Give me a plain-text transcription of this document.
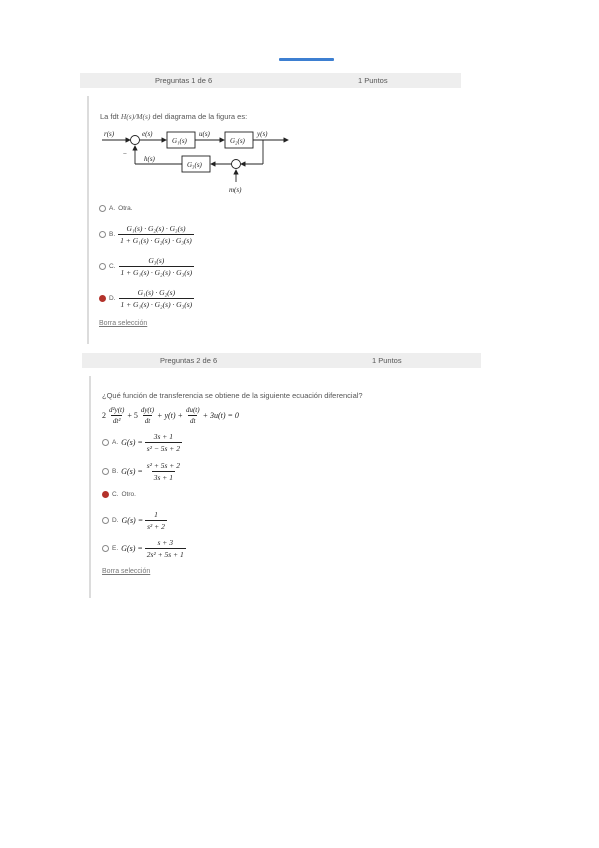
Preguntas 1 de 6	1 Puntos
La fdt H(s)/M(s) del diagrama de la figura es:
r(s)	e(s)	u(s)	y(s)
h(s)
m(s)
G₁(s)	G₂(s)
G₃(s)
−
A. Otra.
B. $\frac{\text{G₁(s) · G₂(s) · G₃(s)}}{\text{1 + G₁(s) · G₂(s) · G₃(s)}}$
C. $\frac{\text{G₃(s)}}{\text{1 + G₁(s) · G₂(s) · G₃(s)}}$
D. $\frac{\text{G₁(s) · G₂(s)}}{\text{1 + G₁(s) · G₂(s) · G₃(s)}}$
Borra selección
Preguntas 2 de 6	1 Puntos
¿Qué función de transferencia se obtiene de la siguiente ecuación diferencial?
$2 \frac{\text{d²y(t)}}{\text{dt²}} + 5 \frac{dy(t)}{dt} + y(t) + \frac{du(t)}{dt} + 3u(t) = 0$
A. $G(s) = \frac{3s + 1}{\text{s² − 5s + 2}}$
B. $G(s) = \frac{\text{s² + 5s + 2}}{3s + 1}$
C. Otro.
D. $G(s) = \frac{1}{\text{s² + 2}}$
E. $G(s) = \frac{s + 3}{\text{2s² + 5s + 1}}$
Borra selección
